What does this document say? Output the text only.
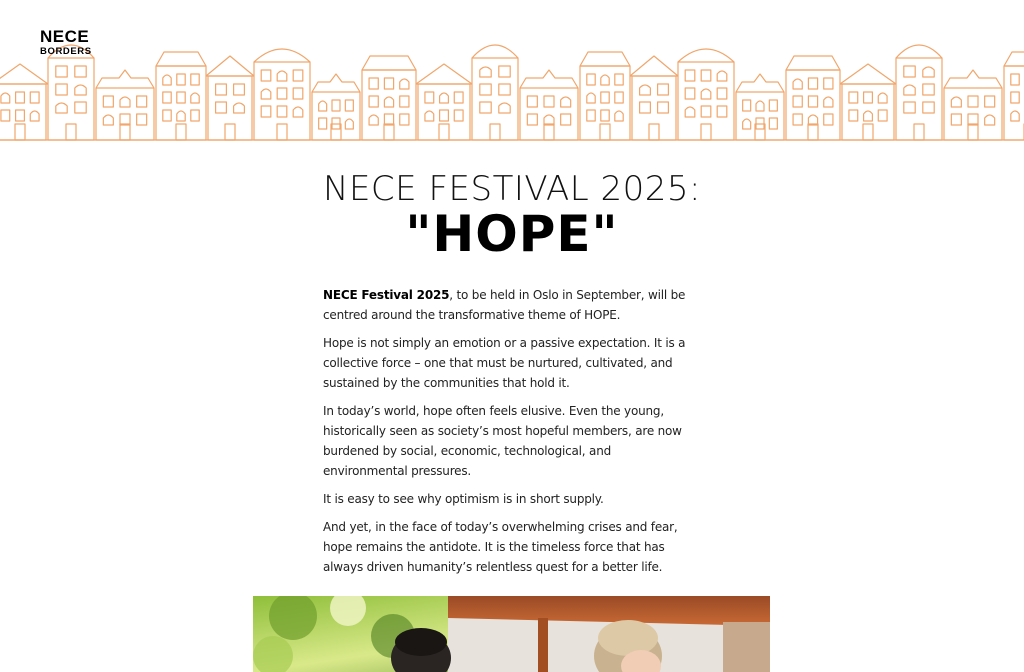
NECE
BORDERS
NECE FESTIVAL 2025:
"HOPE"

NECE Festival 2025, to be held in Oslo in September, will be centred around the transformative theme of HOPE.

Hope is not simply an emotion or a passive expectation. It is a collective force – one that must be nurtured, cultivated, and sustained by the communities that hold it.

In today’s world, hope often feels elusive. Even the young, historically seen as society’s most hopeful members, are now burdened by social, economic, technological, and environmental pressures.

It is easy to see why optimism is in short supply.

And yet, in the face of today’s overwhelming crises and fear, hope remains the antidote. It is the timeless force that has always driven humanity’s relentless quest for a better life.
